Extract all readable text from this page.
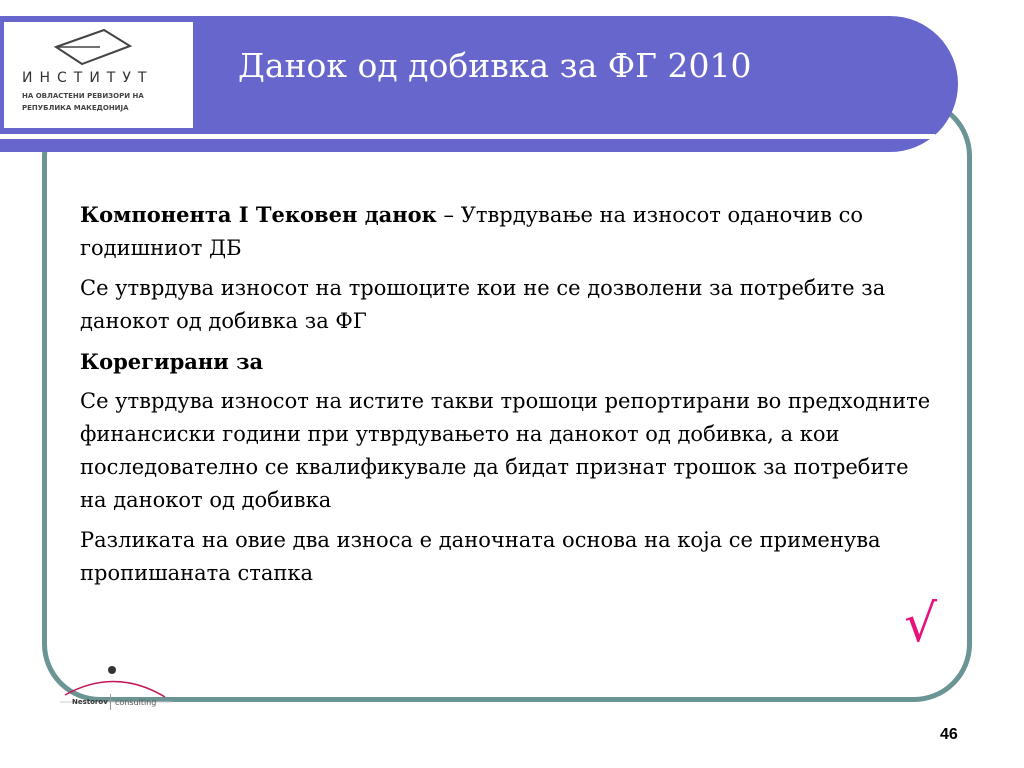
ИНСТИТУТ
НА ОВЛАСТЕНИ РЕВИЗОРИ НА
РЕПУБЛИКА МАКЕДОНИЈА
Данок од добивка за ФГ 2010

Компонента I Тековен данок – Утврдување на износот оданочив со годишниот ДБ

Се утврдува износот на трошоците кои не се дозволени за потребите за данокот од добивка за ФГ

Корегирани за

Се утврдува износот на истите такви трошоци репортирани во предходните финансиски години при утврдувањето на данокот од добивка, а кои последователно се квалификувале да бидат признат трошок за потребите на данокот од добивка

Разликата на овие два износа е даночната основа на која се применува пропишаната стапка

√
Nestorov consulting
46
